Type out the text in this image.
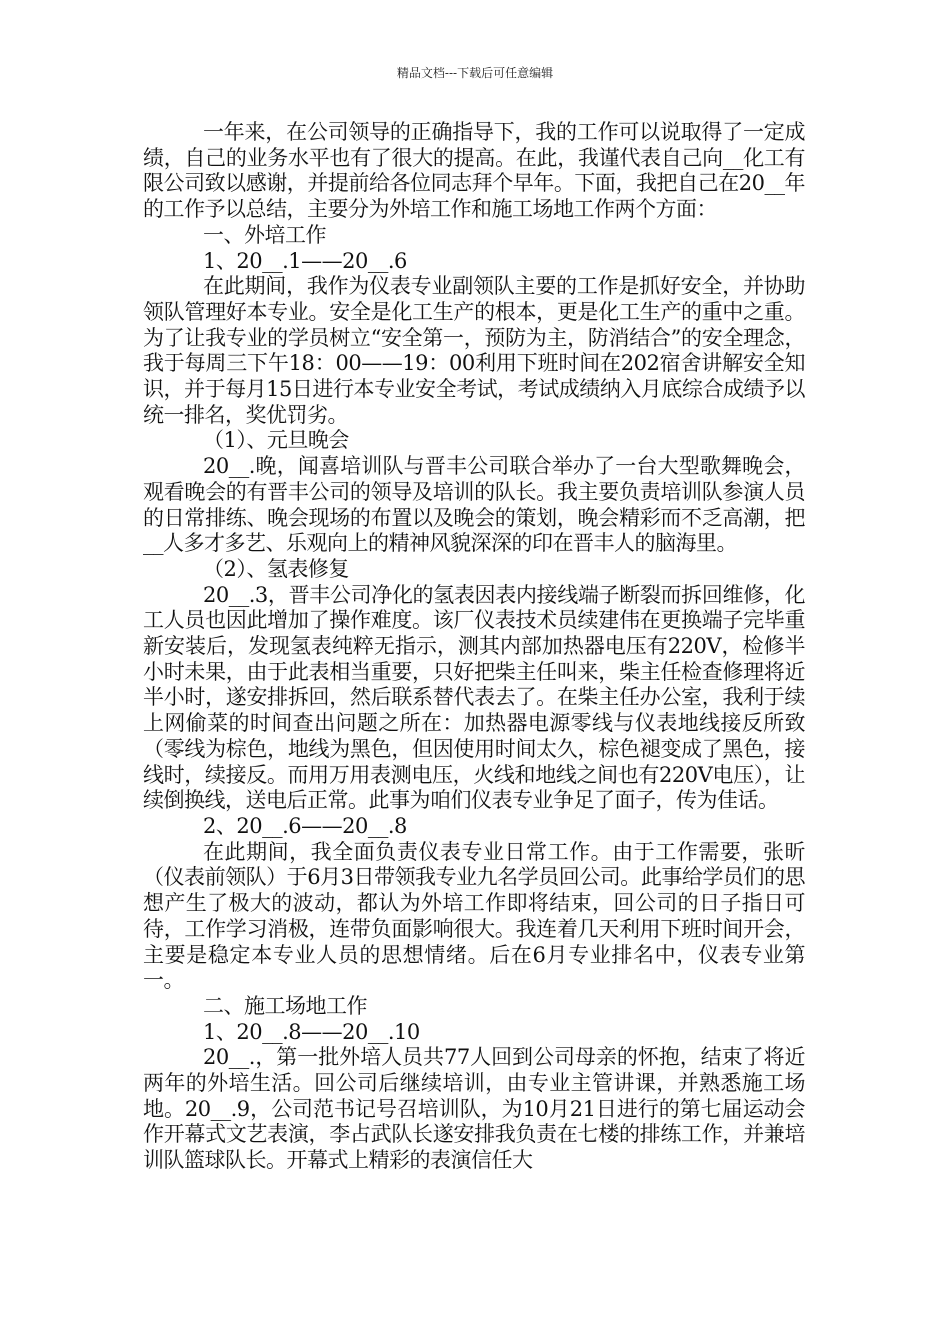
精品文档---下载后可任意编辑

一年来，在公司领导的正确指导下，我的工作可以说取得了一定成绩，自己的业务水平也有了很大的提高。在此，我谨代表自己向__化工有限公司致以感谢，并提前给各位同志拜个早年。下面，我把自己在20__年的工作予以总结，主要分为外培工作和施工场地工作两个方面：

一、外培工作

1、20__.1——20__.6

在此期间，我作为仪表专业副领队主要的工作是抓好安全，并协助领队管理好本专业。安全是化工生产的根本，更是化工生产的重中之重。为了让我专业的学员树立“安全第一，预防为主，防消结合”的安全理念，我于每周三下午18：00——19：00利用下班时间在202宿舍讲解安全知识，并于每月15日进行本专业安全考试，考试成绩纳入月底综合成绩予以统一排名，奖优罚劣。

（1）、元旦晚会

20__.晚，闻喜培训队与晋丰公司联合举办了一台大型歌舞晚会，观看晚会的有晋丰公司的领导及培训的队长。我主要负责培训队参演人员的日常排练、晚会现场的布置以及晚会的策划，晚会精彩而不乏高潮，把__人多才多艺、乐观向上的精神风貌深深的印在晋丰人的脑海里。

（2）、氢表修复

20__.3，晋丰公司净化的氢表因表内接线端子断裂而拆回维修，化工人员也因此增加了操作难度。该厂仪表技术员续建伟在更换端子完毕重新安装后，发现氢表纯粹无指示，测其内部加热器电压有220V，检修半小时未果，由于此表相当重要，只好把柴主任叫来，柴主任检查修理将近半小时，遂安排拆回，然后联系替代表去了。在柴主任办公室，我利于续上网偷菜的时间查出问题之所在：加热器电源零线与仪表地线接反所致（零线为棕色，地线为黑色，但因使用时间太久，棕色褪变成了黑色，接线时，续接反。而用万用表测电压，火线和地线之间也有220V电压），让续倒换线，送电后正常。此事为咱们仪表专业争足了面子，传为佳话。

2、20__.6——20__.8

在此期间，我全面负责仪表专业日常工作。由于工作需要，张昕（仪表前领队）于6月3日带领我专业九名学员回公司。此事给学员们的思想产生了极大的波动，都认为外培工作即将结束，回公司的日子指日可待，工作学习消极，连带负面影响很大。我连着几天利用下班时间开会，主要是稳定本专业人员的思想情绪。后在6月专业排名中，仪表专业第一。

二、施工场地工作

1、20__.8——20__.10

20__.，第一批外培人员共77人回到公司母亲的怀抱，结束了将近两年的外培生活。回公司后继续培训，由专业主管讲课，并熟悉施工场地。20__.9，公司范书记号召培训队，为10月21日进行的第七届运动会作开幕式文艺表演，李占武队长遂安排我负责在七楼的排练工作，并兼培训队篮球队长。开幕式上精彩的表演信任大
